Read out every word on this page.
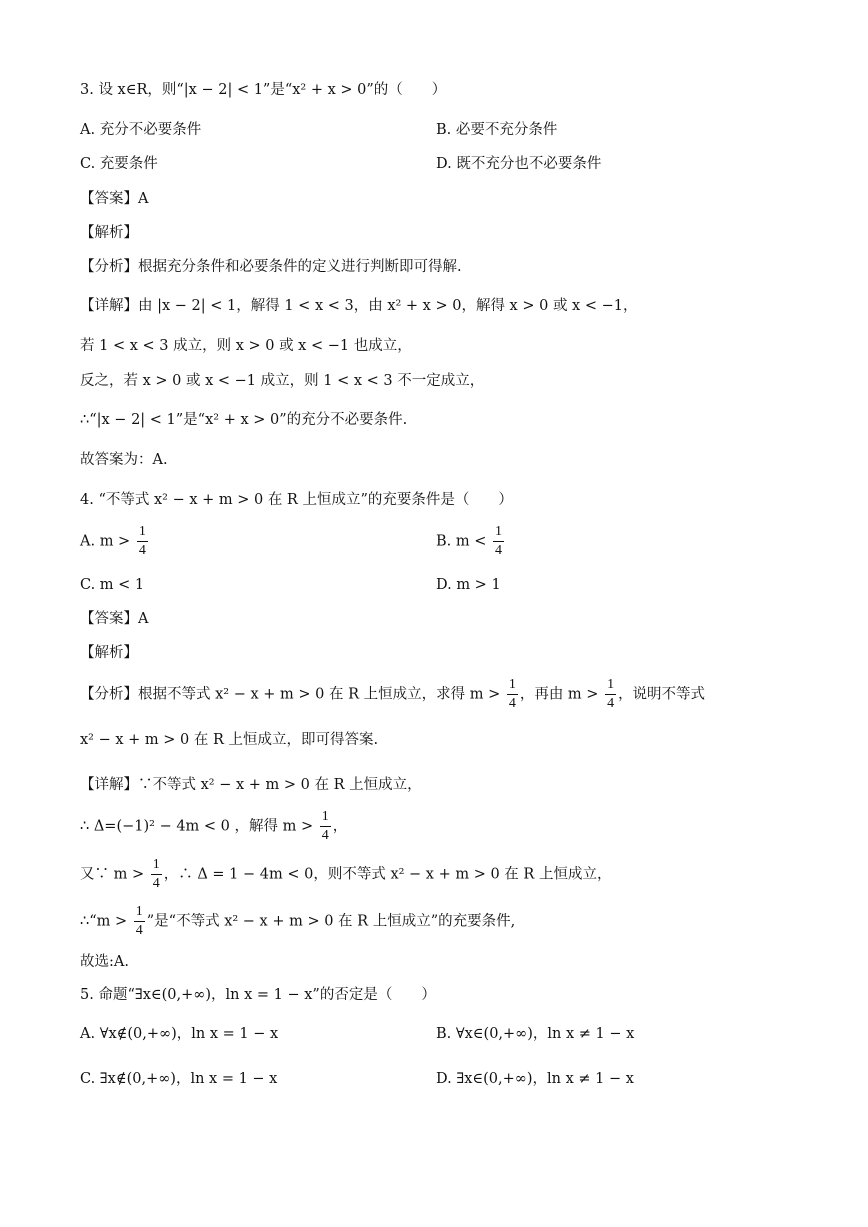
3. 设 x∈R，则“|x − 2| < 1”是“x² + x > 0”的（　　）
A. 充分不必要条件	B. 必要不充分条件
C. 充要条件	D. 既不充分也不必要条件
【答案】A
【解析】
【分析】根据充分条件和必要条件的定义进行判断即可得解.
【详解】由 |x − 2| < 1，解得 1 < x < 3，由 x² + x > 0，解得 x > 0 或 x < −1，
若 1 < x < 3 成立，则 x > 0 或 x < −1 也成立，
反之，若 x > 0 或 x < −1 成立，则 1 < x < 3 不一定成立，
∴“|x − 2| < 1”是“x² + x > 0”的充分不必要条件.
故答案为：A.
4. “不等式 x² − x + m > 0 在 R 上恒成立”的充要条件是（　　）
A. $m > \frac{1}{4}$	B. $m < \frac{1}{4}$
C. m < 1	D. m > 1
【答案】A
【解析】
【分析】根据不等式 x² − x + m > 0 在 R 上恒成立，求得 $m > \frac{1}{4}$ ，再由 $m > \frac{1}{4}$ ，说明不等式
x² − x + m > 0 在 R 上恒成立，即可得答案.
【详解】∵不等式 x² − x + m > 0 在 R 上恒成立，
∴ Δ=(−1)² − 4m < 0 ，解得 $m > \frac{1}{4}$ ，
又∵ $m > \frac{1}{4}$ ，∴ Δ = 1 − 4m < 0，则不等式 x² − x + m > 0 在 R 上恒成立，
∴“m > $\frac{1}{4}$ ”是“不等式 x² − x + m > 0 在 R 上恒成立”的充要条件,
故选:A.
5. 命题“∃x∈(0,+∞)，ln x = 1 − x”的否定是（　　）
A. ∀x∉(0,+∞)，ln x = 1 − x	B. ∀x∈(0,+∞)，ln x ≠ 1 − x
C. ∃x∉(0,+∞)，ln x = 1 − x	D. ∃x∈(0,+∞)，ln x ≠ 1 − x
